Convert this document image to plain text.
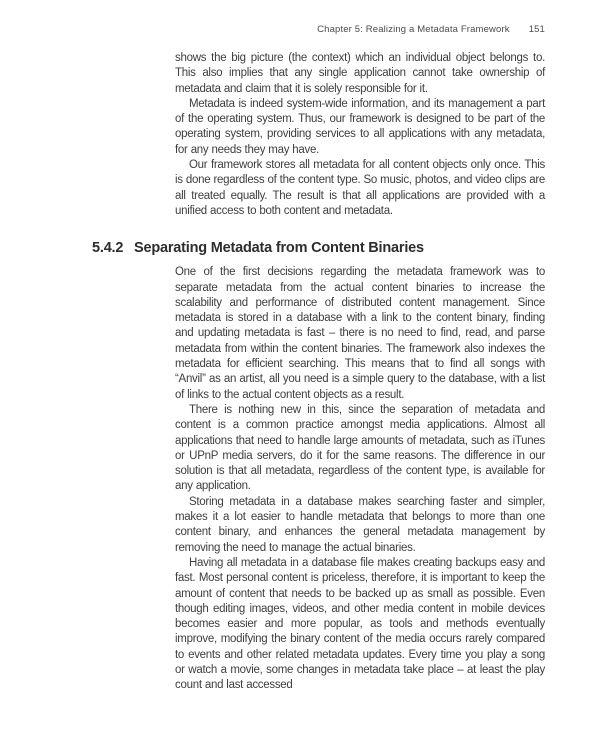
Chapter 5: Realizing a Metadata Framework 151

shows the big picture (the context) which an individual object belongs to. This also implies that any single application cannot take ownership of metadata and claim that it is solely responsible for it.

Metadata is indeed system-wide information, and its management a part of the operating system. Thus, our framework is designed to be part of the operating system, providing services to all applications with any metadata, for any needs they may have.

Our framework stores all metadata for all content objects only once. This is done regardless of the content type. So music, photos, and video clips are all treated equally. The result is that all applications are provided with a unified access to both content and metadata.

5.4.2 Separating Metadata from Content Binaries

One of the first decisions regarding the metadata framework was to separate metadata from the actual content binaries to increase the scalability and performance of distributed content management. Since metadata is stored in a database with a link to the content binary, finding and updating metadata is fast – there is no need to find, read, and parse metadata from within the content binaries. The framework also indexes the metadata for efficient searching. This means that to find all songs with “Anvil” as an artist, all you need is a simple query to the database, with a list of links to the actual content objects as a result.

There is nothing new in this, since the separation of metadata and content is a common practice amongst media applications. Almost all applications that need to handle large amounts of metadata, such as iTunes or UPnP media servers, do it for the same reasons. The difference in our solution is that all metadata, regardless of the content type, is available for any application.

Storing metadata in a database makes searching faster and simpler, makes it a lot easier to handle metadata that belongs to more than one content binary, and enhances the general metadata management by removing the need to manage the actual binaries.

Having all metadata in a database file makes creating backups easy and fast. Most personal content is priceless, therefore, it is important to keep the amount of content that needs to be backed up as small as possible. Even though editing images, videos, and other media content in mobile devices becomes easier and more popular, as tools and methods eventually improve, modifying the binary content of the media occurs rarely compared to events and other related metadata updates. Every time you play a song or watch a movie, some changes in metadata take place – at least the play count and last accessed
